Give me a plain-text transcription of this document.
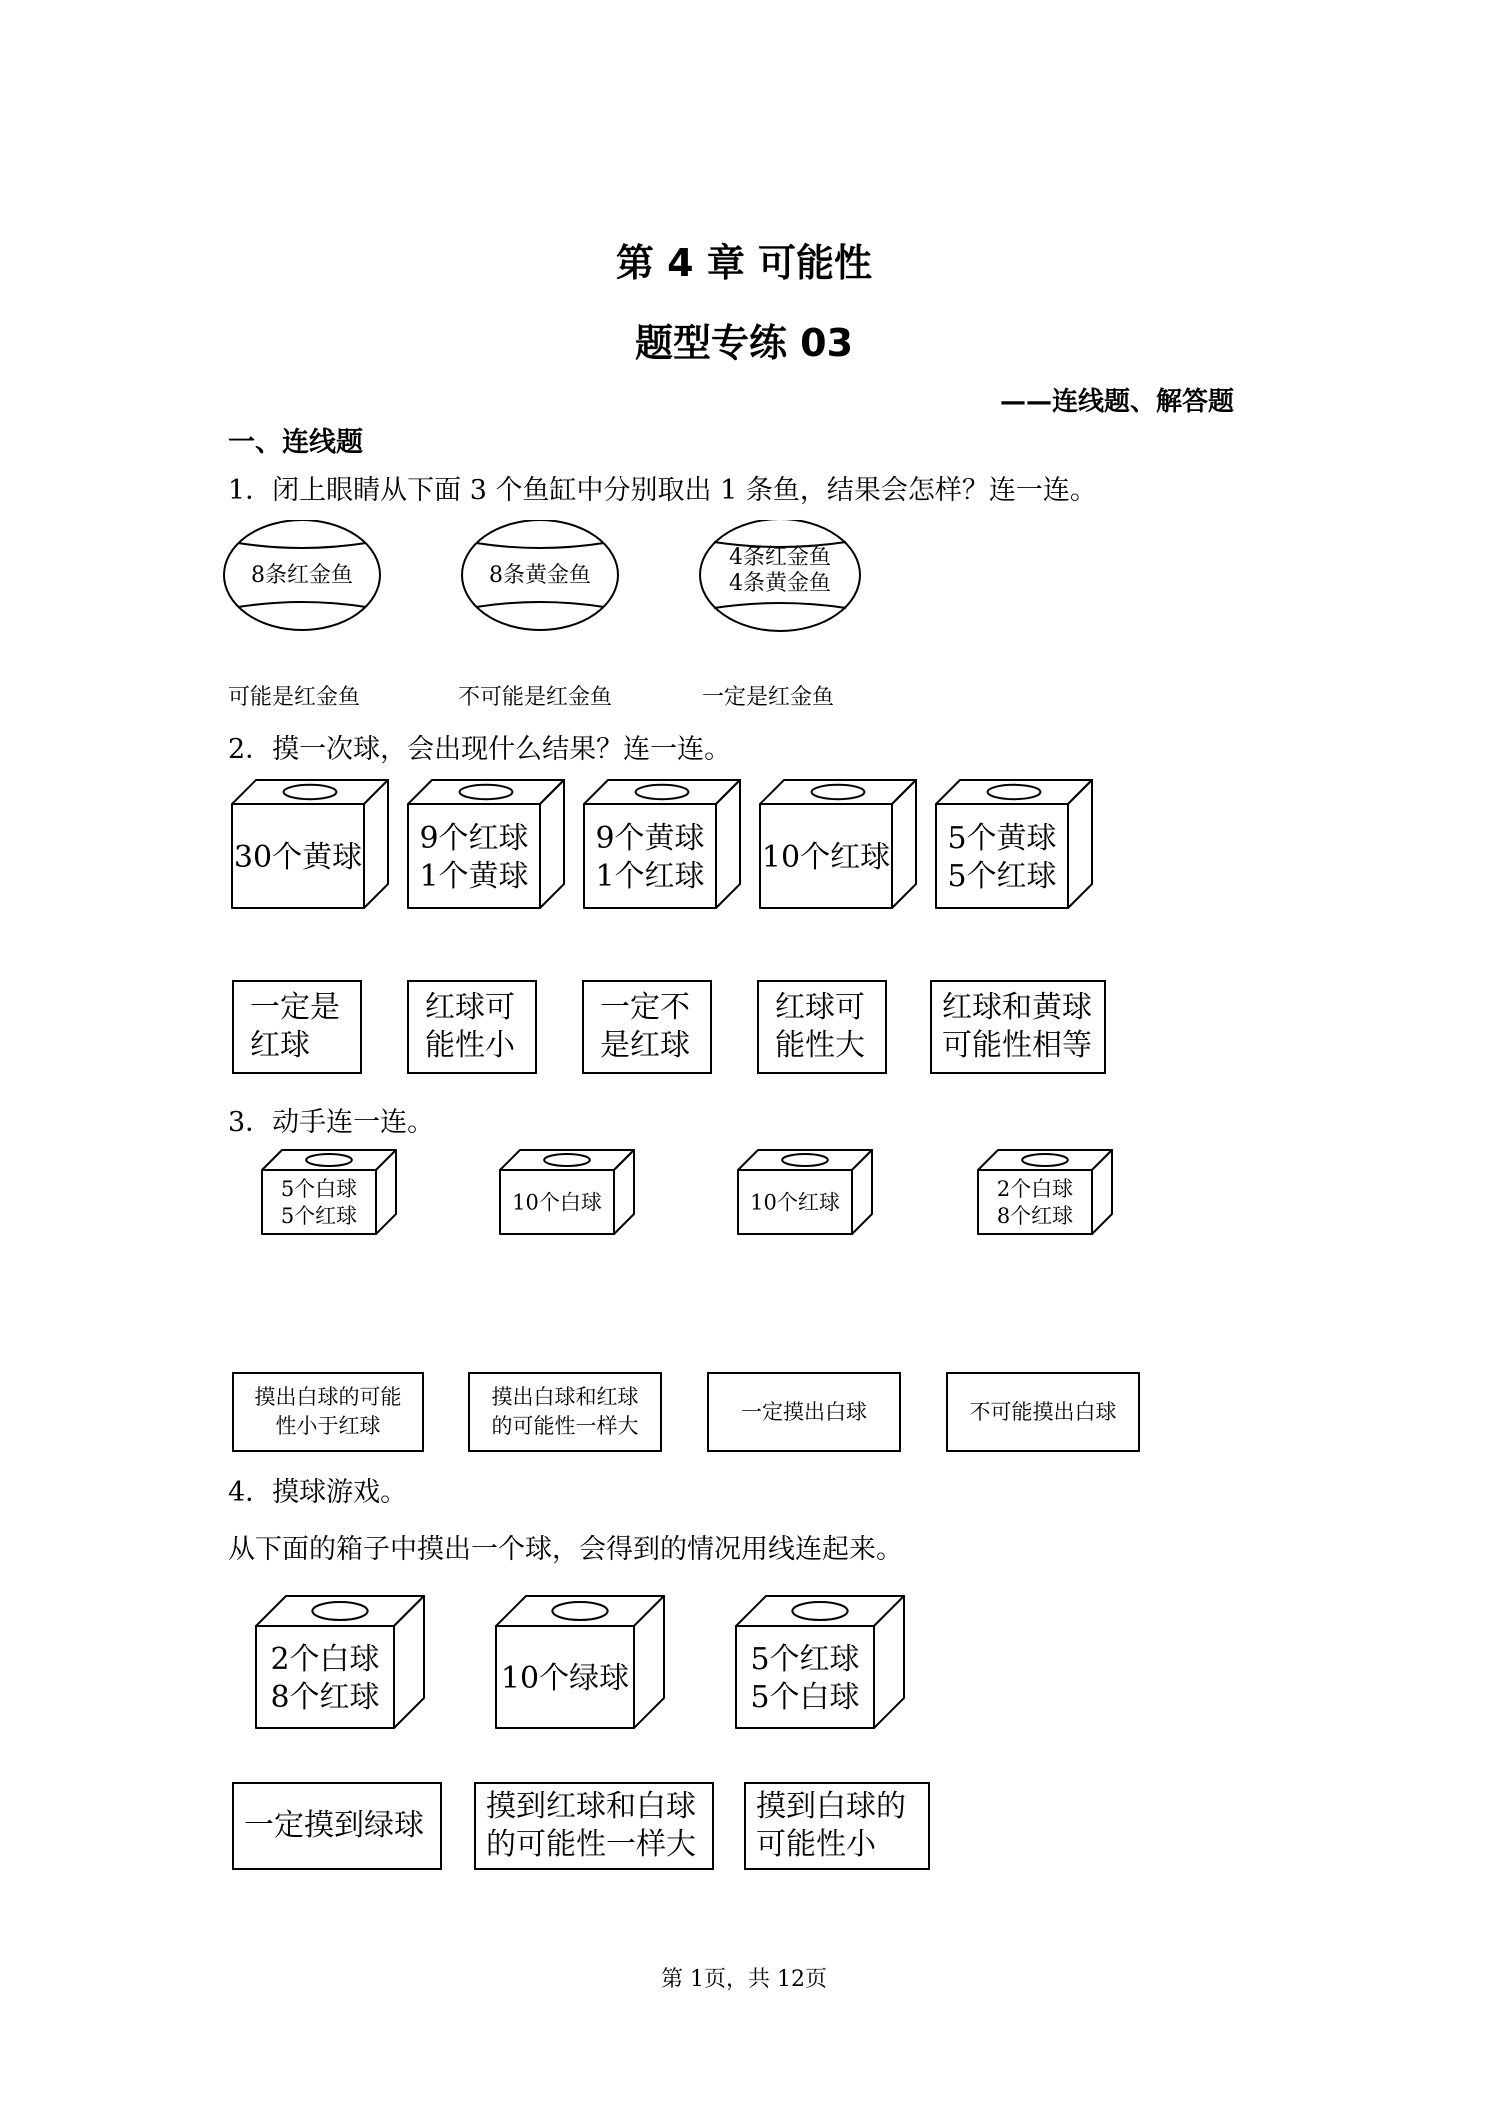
第 4 章 可能性
题型专练 03
——连线题、解答题
一、连线题
1．闭上眼睛从下面 3 个鱼缸中分别取出 1 条鱼，结果会怎样？连一连。
8条红金鱼	8条黄金鱼
4条红金鱼 4条黄金鱼
可能是红金鱼	不可能是红金鱼	一定是红金鱼
2．摸一次球，会出现什么结果？连一连。
30个黄球
9个红球 1个黄球
9个黄球 1个红球
10个红球
5个黄球 5个红球
一定是
红球
红球可
能性小
一定不
是红球
红球可
能性大
红球和黄球
可能性相等
3．动手连一连。
5个白球 5个红球
10个白球	10个红球
2个白球 8个红球
摸出白球的可能
性小于红球
摸出白球和红球
的可能性一样大
一定摸出白球	不可能摸出白球
4．摸球游戏。
从下面的箱子中摸出一个球，会得到的情况用线连起来。
2个白球 8个红球
10个绿球
5个红球 5个白球
一定摸到绿球
摸到红球和白球
的可能性一样大
摸到白球的
可能性小
第 1页，共 12页
